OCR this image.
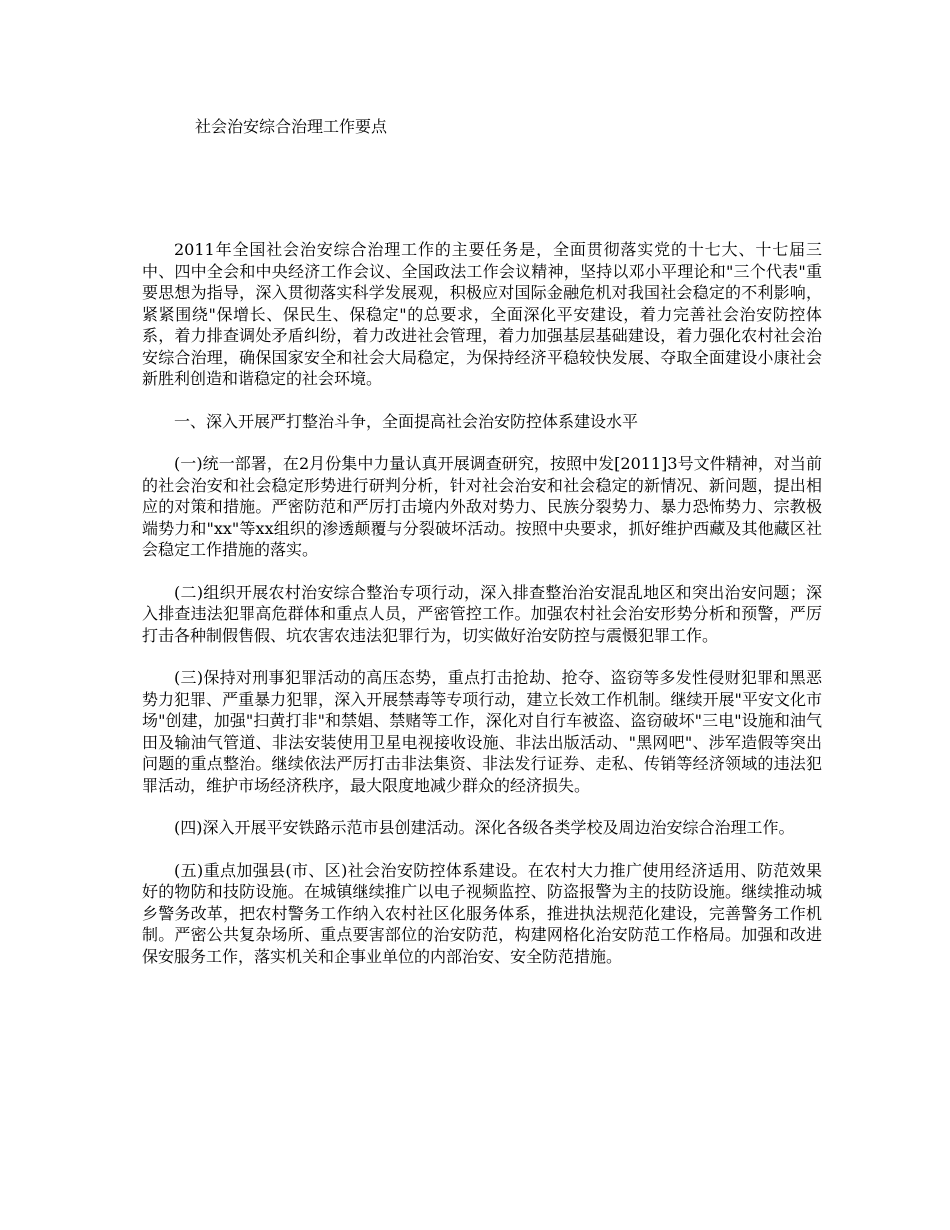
社会治安综合治理工作要点

2011年全国社会治安综合治理工作的主要任务是，全面贯彻落实党的十七大、十七届三中、四中全会和中央经济工作会议、全国政法工作会议精神，坚持以邓小平理论和"三个代表"重要思想为指导，深入贯彻落实科学发展观，积极应对国际金融危机对我国社会稳定的不利影响，紧紧围绕"保增长、保民生、保稳定"的总要求，全面深化平安建设，着力完善社会治安防控体系，着力排查调处矛盾纠纷，着力改进社会管理，着力加强基层基础建设，着力强化农村社会治安综合治理，确保国家安全和社会大局稳定，为保持经济平稳较快发展、夺取全面建设小康社会新胜利创造和谐稳定的社会环境。

一、深入开展严打整治斗争，全面提高社会治安防控体系建设水平

(一)统一部署，在2月份集中力量认真开展调查研究，按照中发[2011]3号文件精神，对当前的社会治安和社会稳定形势进行研判分析，针对社会治安和社会稳定的新情况、新问题，提出相应的对策和措施。严密防范和严厉打击境内外敌对势力、民族分裂势力、暴力恐怖势力、宗教极端势力和"xx"等xx组织的渗透颠覆与分裂破坏活动。按照中央要求，抓好维护西藏及其他藏区社会稳定工作措施的落实。

(二)组织开展农村治安综合整治专项行动，深入排查整治治安混乱地区和突出治安问题；深入排查违法犯罪高危群体和重点人员，严密管控工作。加强农村社会治安形势分析和预警，严厉打击各种制假售假、坑农害农违法犯罪行为，切实做好治安防控与震慑犯罪工作。

(三)保持对刑事犯罪活动的高压态势，重点打击抢劫、抢夺、盗窃等多发性侵财犯罪和黑恶势力犯罪、严重暴力犯罪，深入开展禁毒等专项行动，建立长效工作机制。继续开展"平安文化市场"创建，加强"扫黄打非"和禁娼、禁赌等工作，深化对自行车被盗、盗窃破坏"三电"设施和油气田及输油气管道、非法安装使用卫星电视接收设施、非法出版活动、"黑网吧"、涉军造假等突出问题的重点整治。继续依法严厉打击非法集资、非法发行证券、走私、传销等经济领域的违法犯罪活动，维护市场经济秩序，最大限度地减少群众的经济损失。

(四)深入开展平安铁路示范市县创建活动。深化各级各类学校及周边治安综合治理工作。

(五)重点加强县(市、区)社会治安防控体系建设。在农村大力推广使用经济适用、防范效果好的物防和技防设施。在城镇继续推广以电子视频监控、防盗报警为主的技防设施。继续推动城乡警务改革，把农村警务工作纳入农村社区化服务体系，推进执法规范化建设，完善警务工作机制。严密公共复杂场所、重点要害部位的治安防范，构建网格化治安防范工作格局。加强和改进保安服务工作，落实机关和企事业单位的内部治安、安全防范措施。
